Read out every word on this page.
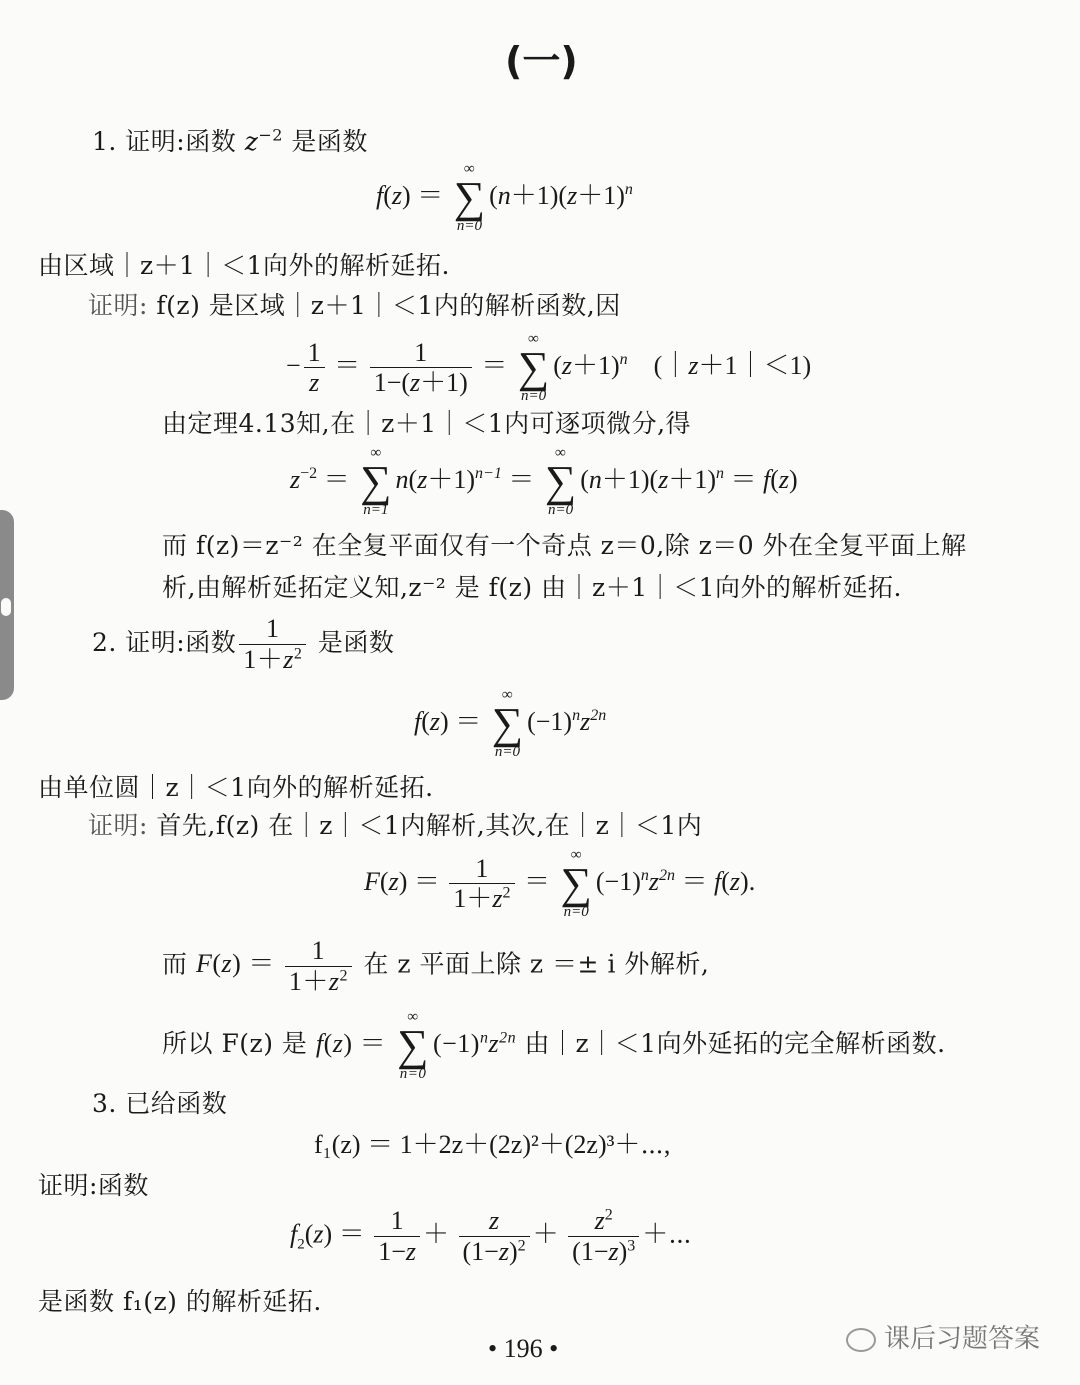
(一)
1. 证明:函数 $z^{-2}$ 是函数
f(z) ＝
∞
∑
n=0
$(n+1)(z+1)^n$
由区域｜z＋1｜＜1向外的解析延拓.
证明: f(z) 是区域｜z＋1｜＜1内的解析函数,因
− $\frac{1}{z} = \frac{1}{1-(z+1)}$ ＝
∞
∑
n=0
$(z+1)^n$    (｜z＋1｜＜1)
由定理4.13知,在｜z＋1｜＜1内可逐项微分,得
$z^{-2}$ ＝
∞
∑
n=1
$n(z+1)^{n-1}$ ＝
∞
∑
n=0
$(n+1)(z+1)^n = f(z)$
而 f(z)＝z⁻² 在全复平面仅有一个奇点 z＝0,除 z＝0 外在全复平面上解
析,由解析延拓定义知,z⁻² 是 f(z) 由｜z＋1｜＜1向外的解析延拓.
2. 证明:函数 $\frac{1}{1+z^2}$ 是函数
f(z) ＝
∞
∑
n=0
$(-1)^nz^{2n}$
由单位圆｜z｜＜1向外的解析延拓.
证明: 首先,f(z) 在｜z｜＜1内解析,其次,在｜z｜＜1内
$F(z) = \frac{1}{1+z^2}$ ＝
∞
∑
n=0
$(-1)^nz^{2n} = f(z)$.
而 $F(z) = \frac{1}{1+z^2}$ 在 z 平面上除 z ＝± i 外解析,
所以 F(z) 是 f(z) ＝
∞
∑
n=0
$(-1)^nz^{2n}$ 由｜z｜＜1向外延拓的完全解析函数.
3. 已给函数
f₁(z) ＝ 1＋2z＋(2z)²＋(2z)³＋⋯,
证明:函数
$f_2(z) = \frac{1}{1-z} + \frac{z}{(1-z)^2} + \frac{z^2}{(1-z)^3}$ ＋⋯
是函数 f₁(z) 的解析延拓.
• 196 •	课后习题答案
